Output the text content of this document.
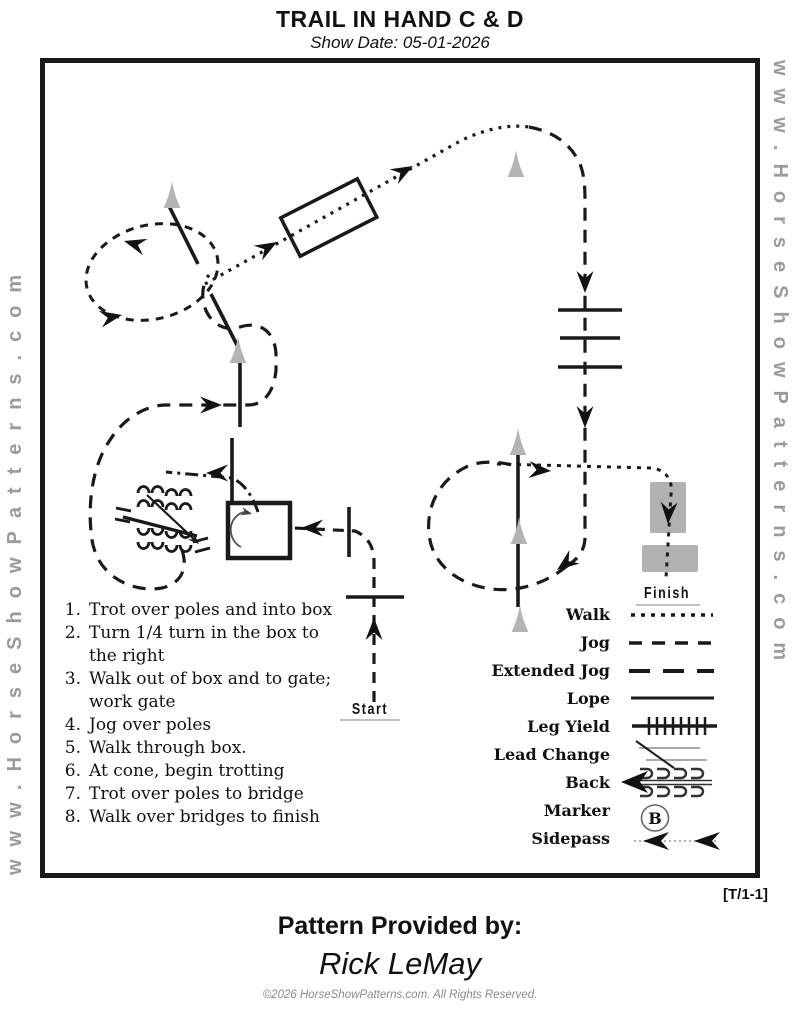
TRAIL IN HAND C & D
Show Date: 05-01-2026
www.HorseShowPatterns.com	www.HorseShowPatterns.com
B
1. Trot over poles and into box
2. Turn 1/4 turn in the box to the right
3. Walk out of box and to gate; work gate
4. Jog over poles
5. Walk through box.
6. At cone, begin trotting
7. Trot over poles to bridge
8. Walk over bridges to finish
Start
Finish
Walk
Jog
Extended Jog
Lope
Leg Yield
Lead Change
Back
Marker
Sidepass
[T/1-1]
Pattern Provided by:
Rick LeMay
©2026 HorseShowPatterns.com. All Rights Reserved.
